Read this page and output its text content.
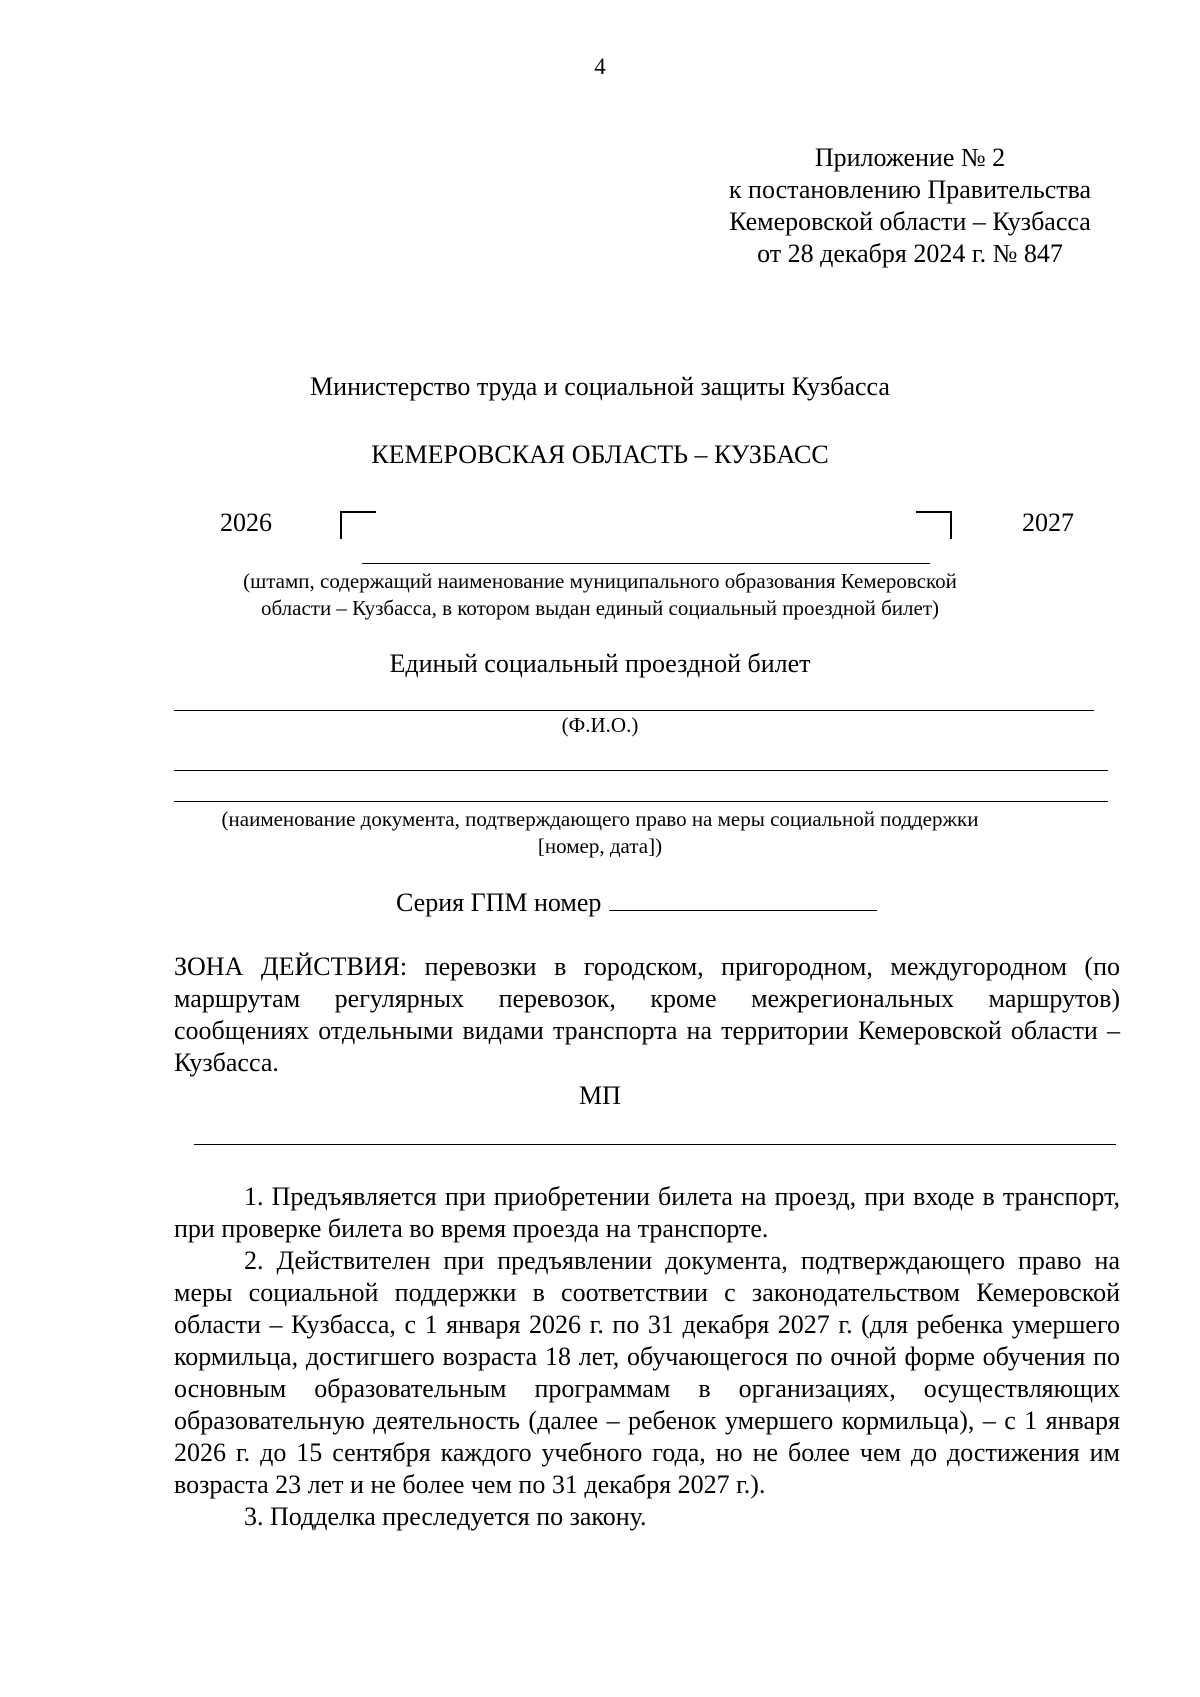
4
Приложение № 2
к постановлению Правительства
Кемеровской области – Кузбасса
от 28 декабря 2024 г. № 847
Министерство труда и социальной защиты Кузбасса
КЕМЕРОВСКАЯ ОБЛАСТЬ – КУЗБАСС
2026	2027
(штамп, содержащий наименование муниципального образования Кемеровской
области – Кузбасса, в котором выдан единый социальный проездной билет)
Единый социальный проездной билет
(Ф.И.О.)
(наименование документа, подтверждающего право на меры социальной поддержки
[номер, дата])
Серия ГПМ номер
ЗОНА ДЕЙСТВИЯ: перевозки в городском, пригородном, междугородном (по маршрутам регулярных перевозок, кроме межрегиональных маршрутов) сообщениях отдельными видами транспорта на территории Кемеровской области – Кузбасса.
МП

1. Предъявляется при приобретении билета на проезд, при входе в транспорт, при проверке билета во время проезда на транспорте.

2. Действителен при предъявлении документа, подтверждающего право на меры социальной поддержки в соответствии с законодательством Кемеровской области – Кузбасса, с 1 января 2026 г. по 31 декабря 2027 г. (для ребенка умершего кормильца, достигшего возраста 18 лет, обучающегося по очной форме обучения по основным образовательным программам в организациях, осуществляющих образовательную деятельность (далее – ребенок умершего кормильца), – с 1 января 2026 г. до 15 сентября каждого учебного года, но не более чем до достижения им возраста 23 лет и не более чем по 31 декабря 2027 г.).

3. Подделка преследуется по закону.
